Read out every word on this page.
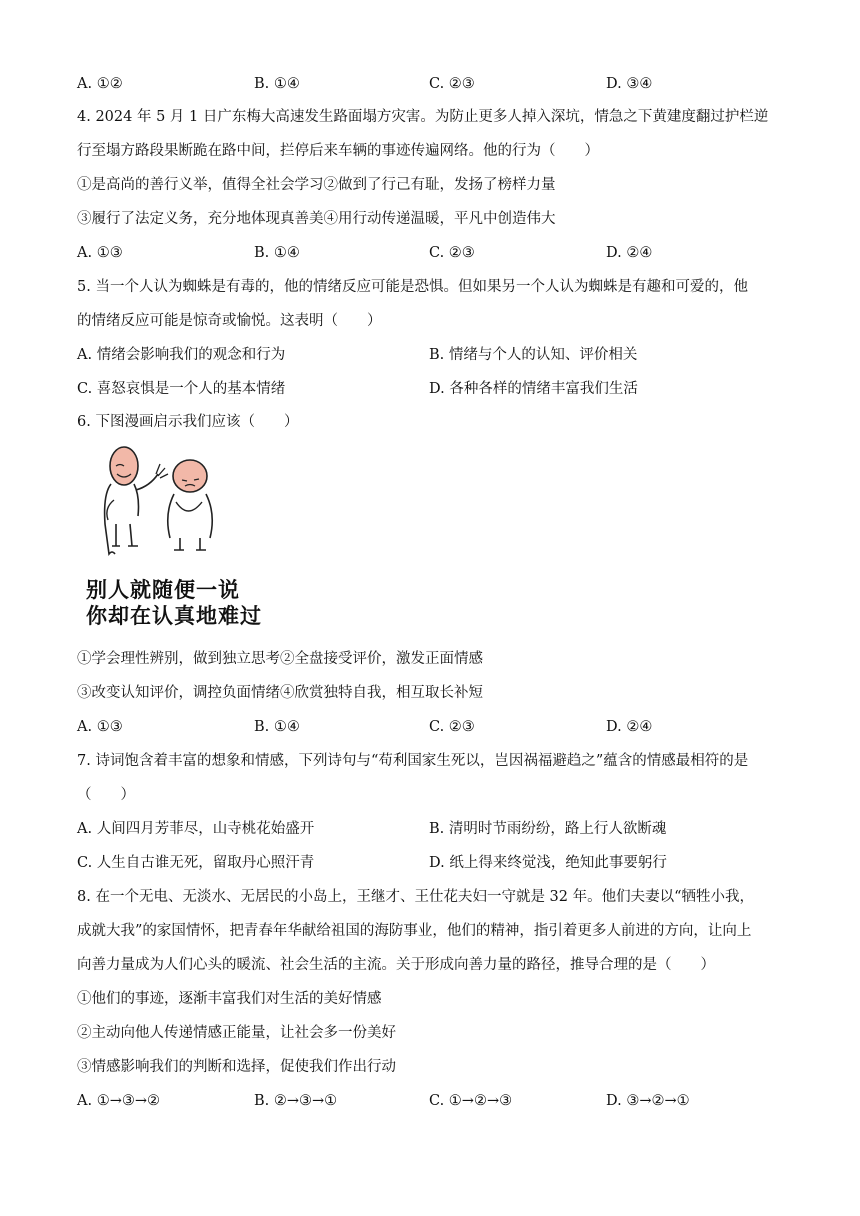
A. ①②	B. ①④	C. ②③	D. ③④
4. 2024 年 5 月 1 日广东梅大高速发生路面塌方灾害。为防止更多人掉入深坑，情急之下黄建度翻过护栏逆
行至塌方路段果断跪在路中间，拦停后来车辆的事迹传遍网络。他的行为（　　）
①是高尚的善行义举，值得全社会学习②做到了行己有耻，发扬了榜样力量
③履行了法定义务，充分地体现真善美④用行动传递温暖，平凡中创造伟大
A. ①③	B. ①④	C. ②③	D. ②④
5. 当一个人认为蜘蛛是有毒的，他的情绪反应可能是恐惧。但如果另一个人认为蜘蛛是有趣和可爱的，他
的情绪反应可能是惊奇或愉悦。这表明（　　）
A. 情绪会影响我们的观念和行为	B. 情绪与个人的认知、评价相关
C. 喜怒哀惧是一个人的基本情绪	D. 各种各样的情绪丰富我们生活
6. 下图漫画启示我们应该（　　）
别人就随便一说
你却在认真地难过
①学会理性辨别，做到独立思考②全盘接受评价，激发正面情感
③改变认知评价，调控负面情绪④欣赏独特自我，相互取长补短
A. ①③	B. ①④	C. ②③	D. ②④
7. 诗词饱含着丰富的想象和情感，下列诗句与“苟利国家生死以，岂因祸福避趋之”蕴含的情感最相符的是
（　　）
A. 人间四月芳菲尽，山寺桃花始盛开	B. 清明时节雨纷纷，路上行人欲断魂
C. 人生自古谁无死，留取丹心照汗青	D. 纸上得来终觉浅，绝知此事要躬行
8. 在一个无电、无淡水、无居民的小岛上，王继才、王仕花夫妇一守就是 32 年。他们夫妻以“牺牲小我，
成就大我”的家国情怀，把青春年华献给祖国的海防事业，他们的精神，指引着更多人前进的方向，让向上
向善力量成为人们心头的暖流、社会生活的主流。关于形成向善力量的路径，推导合理的是（　　）
①他们的事迹，逐渐丰富我们对生活的美好情感
②主动向他人传递情感正能量，让社会多一份美好
③情感影响我们的判断和选择，促使我们作出行动
A. ①→③→②	B. ②→③→①	C. ①→②→③	D. ③→②→①
